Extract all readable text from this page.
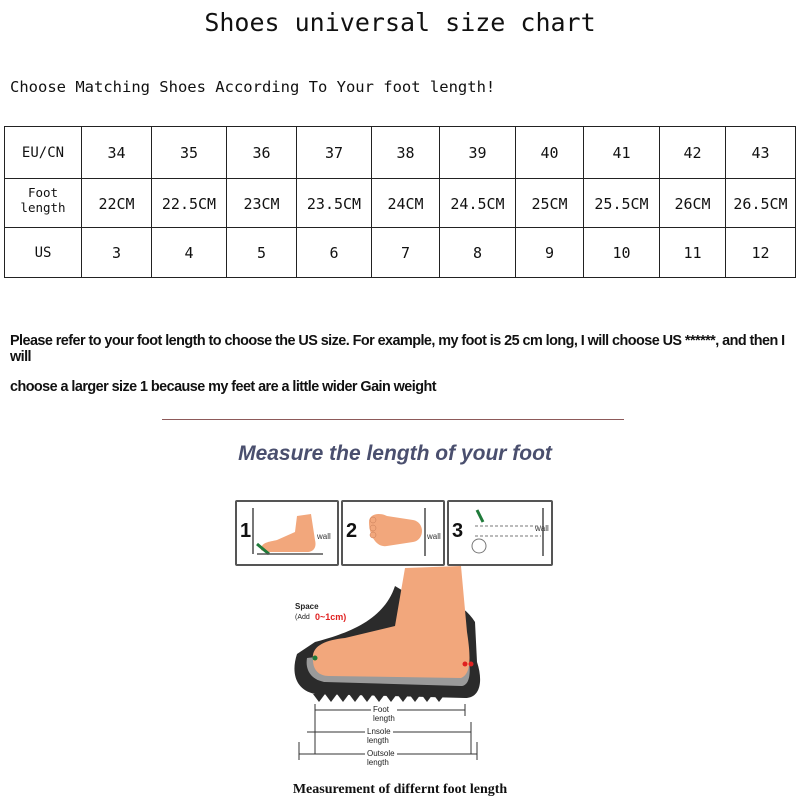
Shoes universal size chart
Choose Matching Shoes According To Your foot length!
EU/CN	34	35	36	37	38	39	40	41	42	43
Foot length	22CM	22.5CM	23CM	23.5CM	24CM	24.5CM	25CM	25.5CM	26CM	26.5CM
US	3	4	5	6	7	8	9	10	11	12
Please refer to your foot length to choose the US size. For example, my foot is 25 cm long, I will choose US ******, and then I will
choose a larger size 1 because my feet are a little wider Gain weight
Measure the length of your foot
1	wall 2	wall 3	wall
Space
(Add 0~1cm)
Foot length
Lnsole length
Outsole length
Measurement of differnt foot length
